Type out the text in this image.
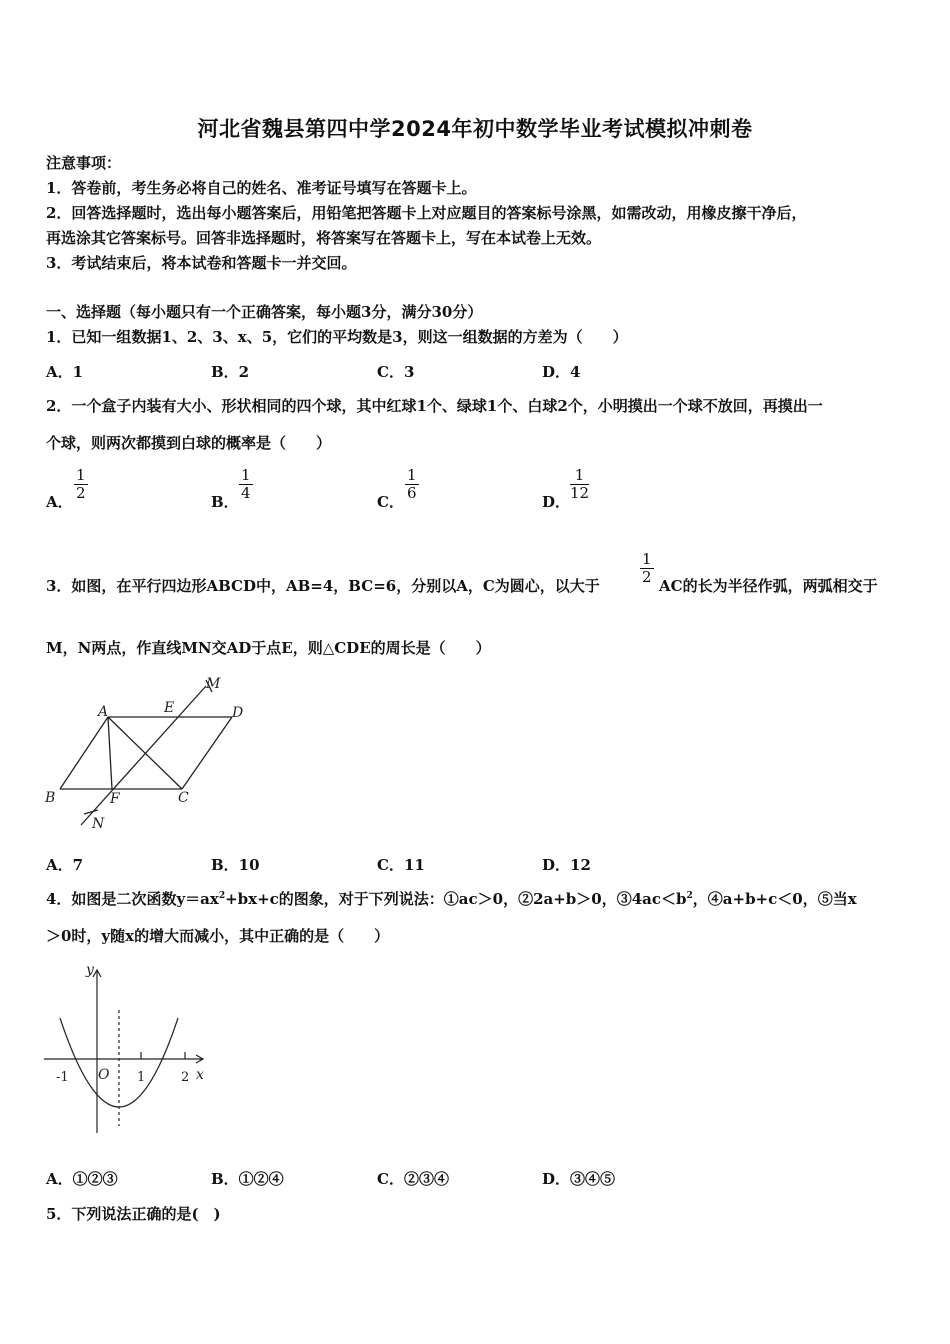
河北省魏县第四中学2024年初中数学毕业考试模拟冲刺卷
注意事项：
1．答卷前，考生务必将自己的姓名、准考证号填写在答题卡上。
2．回答选择题时，选出每小题答案后，用铅笔把答题卡上对应题目的答案标号涂黑，如需改动，用橡皮擦干净后，
再选涂其它答案标号。回答非选择题时，将答案写在答题卡上，写在本试卷上无效。
3．考试结束后，将本试卷和答题卡一并交回。
一、选择题（每小题只有一个正确答案，每小题3分，满分30分）
1．已知一组数据1、2、3、x、5，它们的平均数是3，则这一组数据的方差为（　　）
A．1	B．2	C．3	D．4
2．一个盒子内装有大小、形状相同的四个球，其中红球1个、绿球1个、白球2个，小明摸出一个球不放回，再摸出一
个球，则两次都摸到白球的概率是（　　）
A． $\frac{1}{2}$	B． $\frac{1}{4}$	C． $\frac{1}{6}$	D． $\frac{1}{12}$
3．如图，在平行四边形ABCD中，AB=4，BC=6，分别以A，C为圆心，以大于	$\frac{1}{2}$ AC的长为半径作弧，两弧相交于
M，N两点，作直线MN交AD于点E，则△CDE的周长是（　　）
A
B	C
D
E
F
M
N
A．7	B．10	C．11	D．12
4．如图是二次函数$y=ax^2+bx+c$的图象，对于下列说法：①ac＞0，②2a+b＞0，$③4ac<b^2$，④a+b+c＜0，⑤当x
＞0时，y随x的增大而减小，其中正确的是（　　）
y
x
O
-1	1	2
A．①②③	B．①②④	C．②③④	D．③④⑤
5．下列说法正确的是(　)
